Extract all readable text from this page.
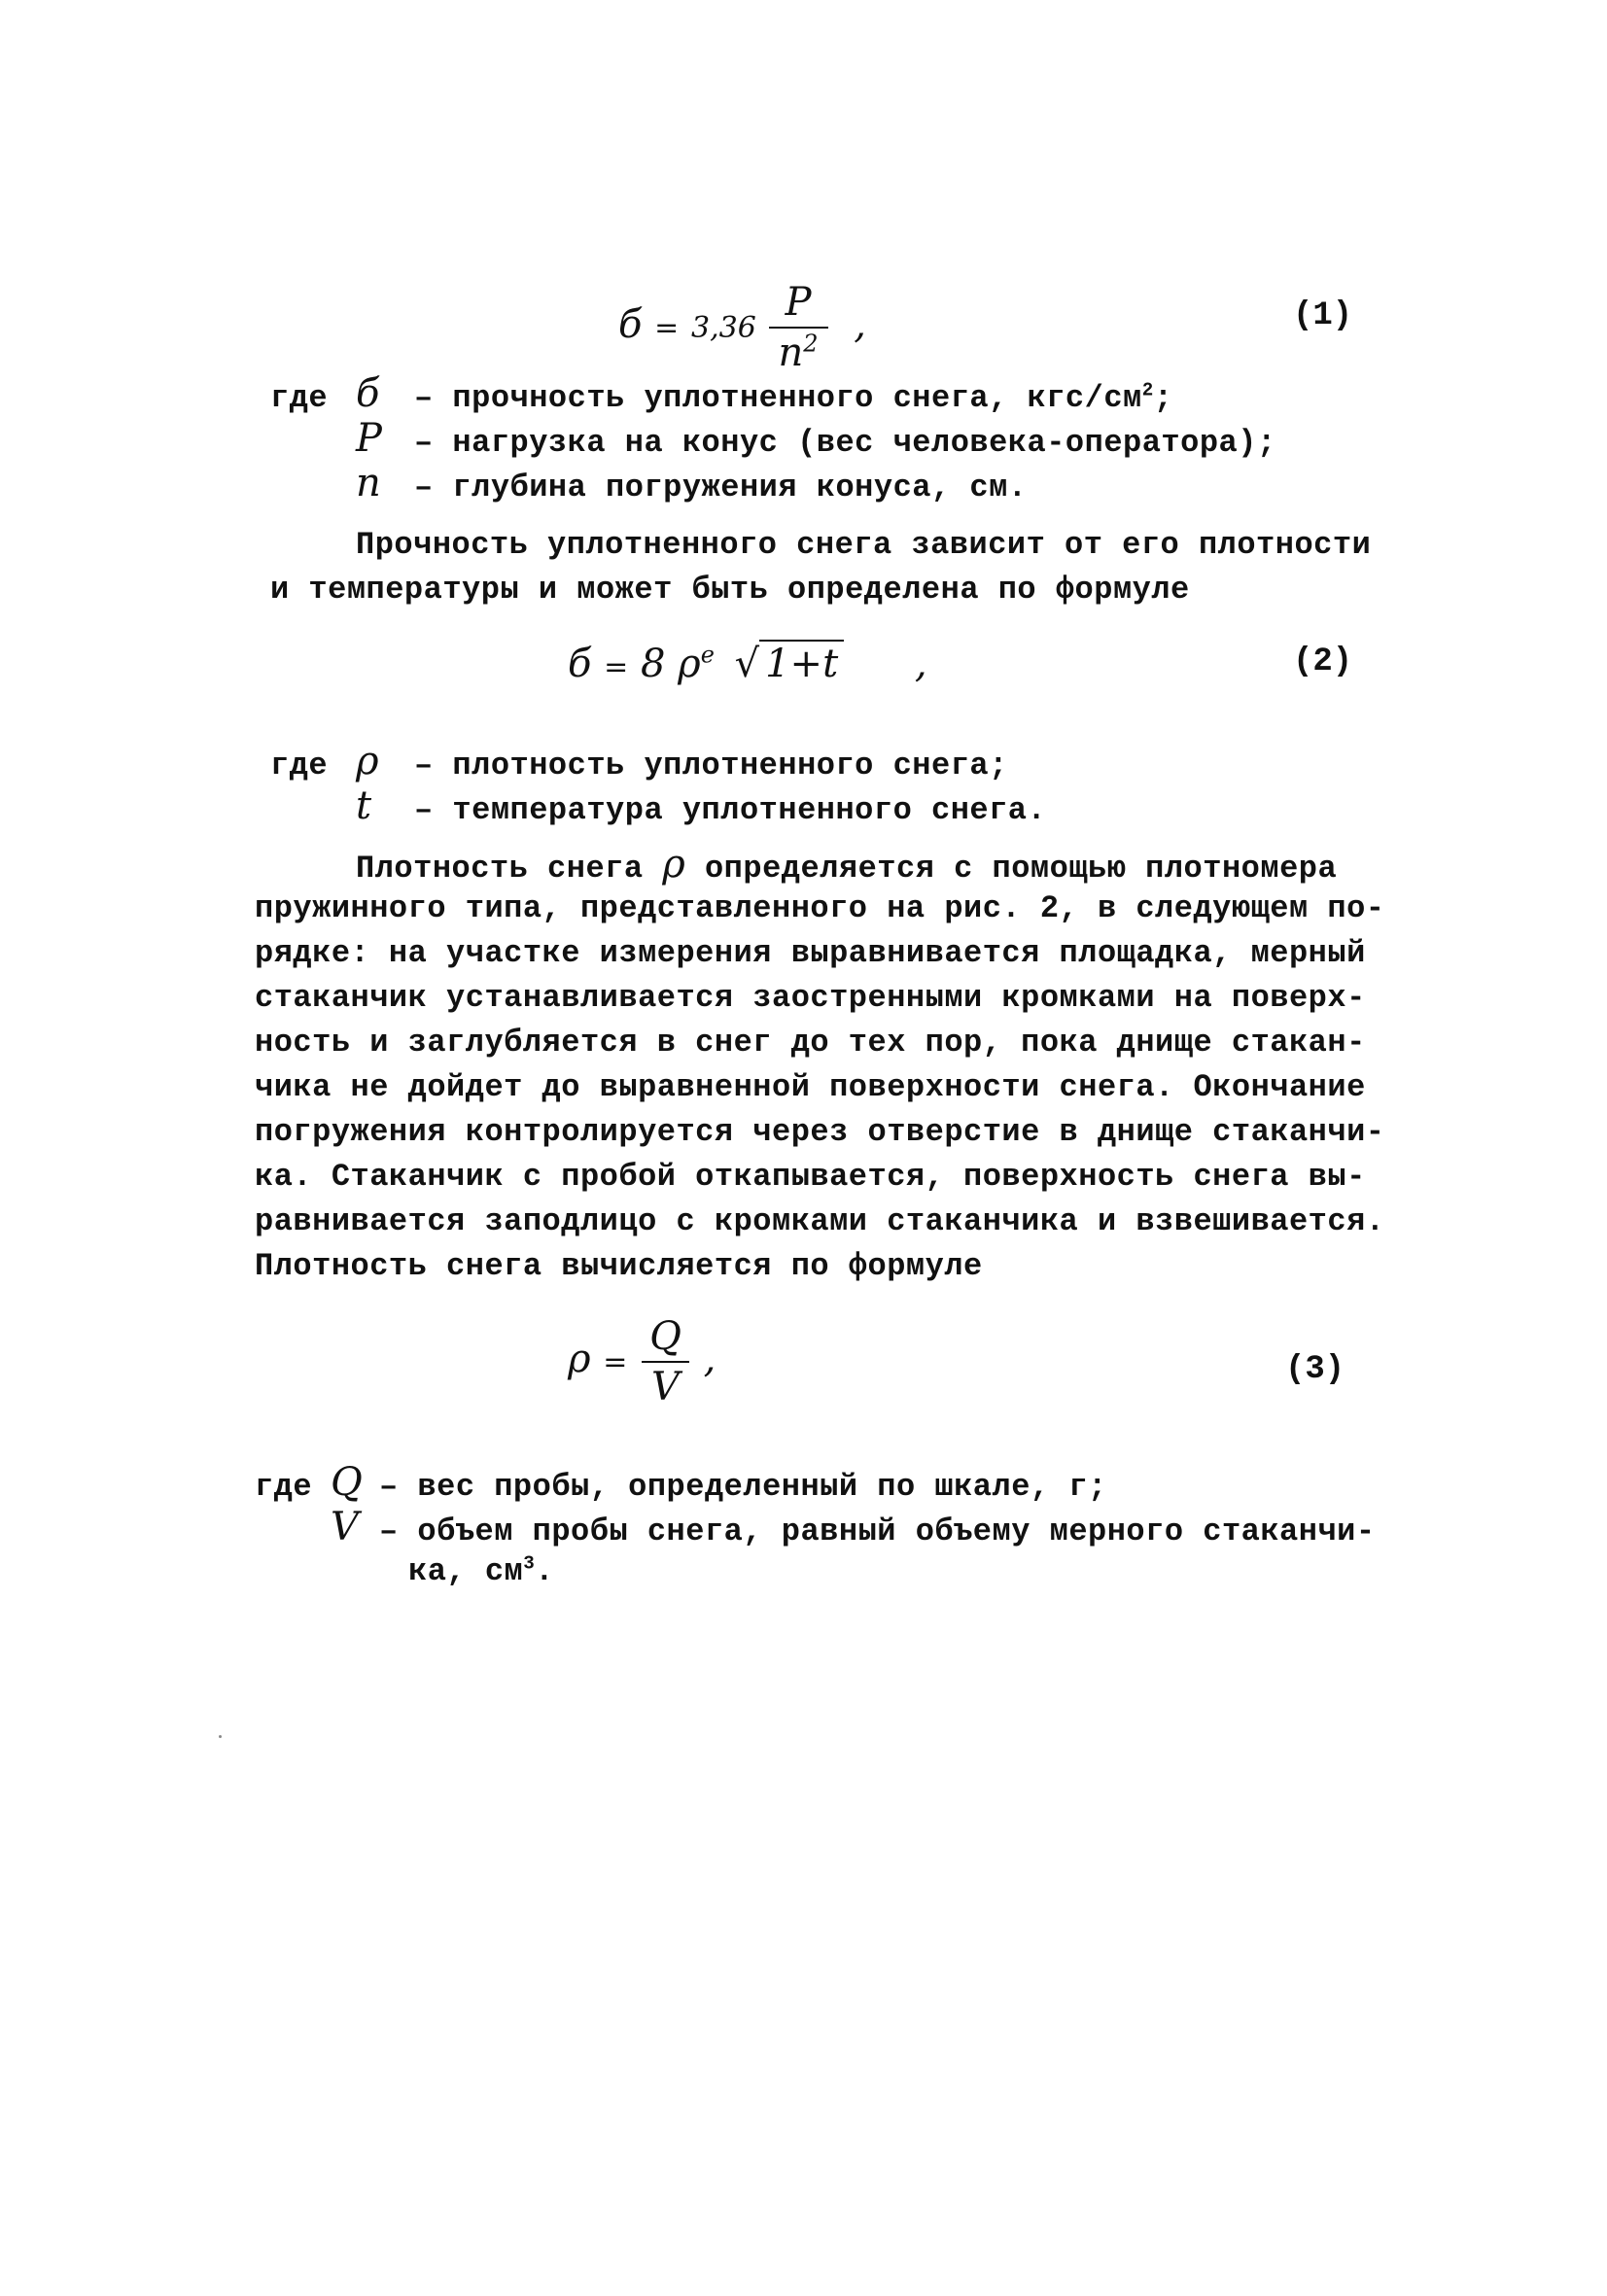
$б = 3,36 \frac{P}{n^2}$ ,	(1)
где б – прочность уплотненного снега, кгс/$см^2$;
P – нагрузка на конус (вес человека-оператора);
n – глубина погружения конуса, см.
Прочность уплотненного снега зависит от его плотности
и температуры и может быть определена по формуле
б = 8 $\rho^e$ √ 1+t ,	(2)
где ρ – плотность уплотненного снега;
t – температура уплотненного снега.
Плотность снега ρ определяется с помощью плотномера
пружинного типа, представленного на рис. 2, в следующем по-
рядке: на участке измерения выравнивается площадка, мерный
стаканчик устанавливается заостренными кромками на поверх-
ность и заглубляется в снег до тех пор, пока днище стакан-
чика не дойдет до выравненной поверхности снега. Окончание
погружения контролируется через отверстие в днище стаканчи-
ка. Стаканчик с пробой откапывается, поверхность снега вы-
равнивается заподлицо с кромками стаканчика и взвешивается.
Плотность снега вычисляется по формуле
$\rho = \frac{Q}{V}$ ,	(3)
где Q – вес пробы, определенный по шкале, г;
V – объем пробы снега, равный объему мерного стаканчи-
ка, $см^3$.
